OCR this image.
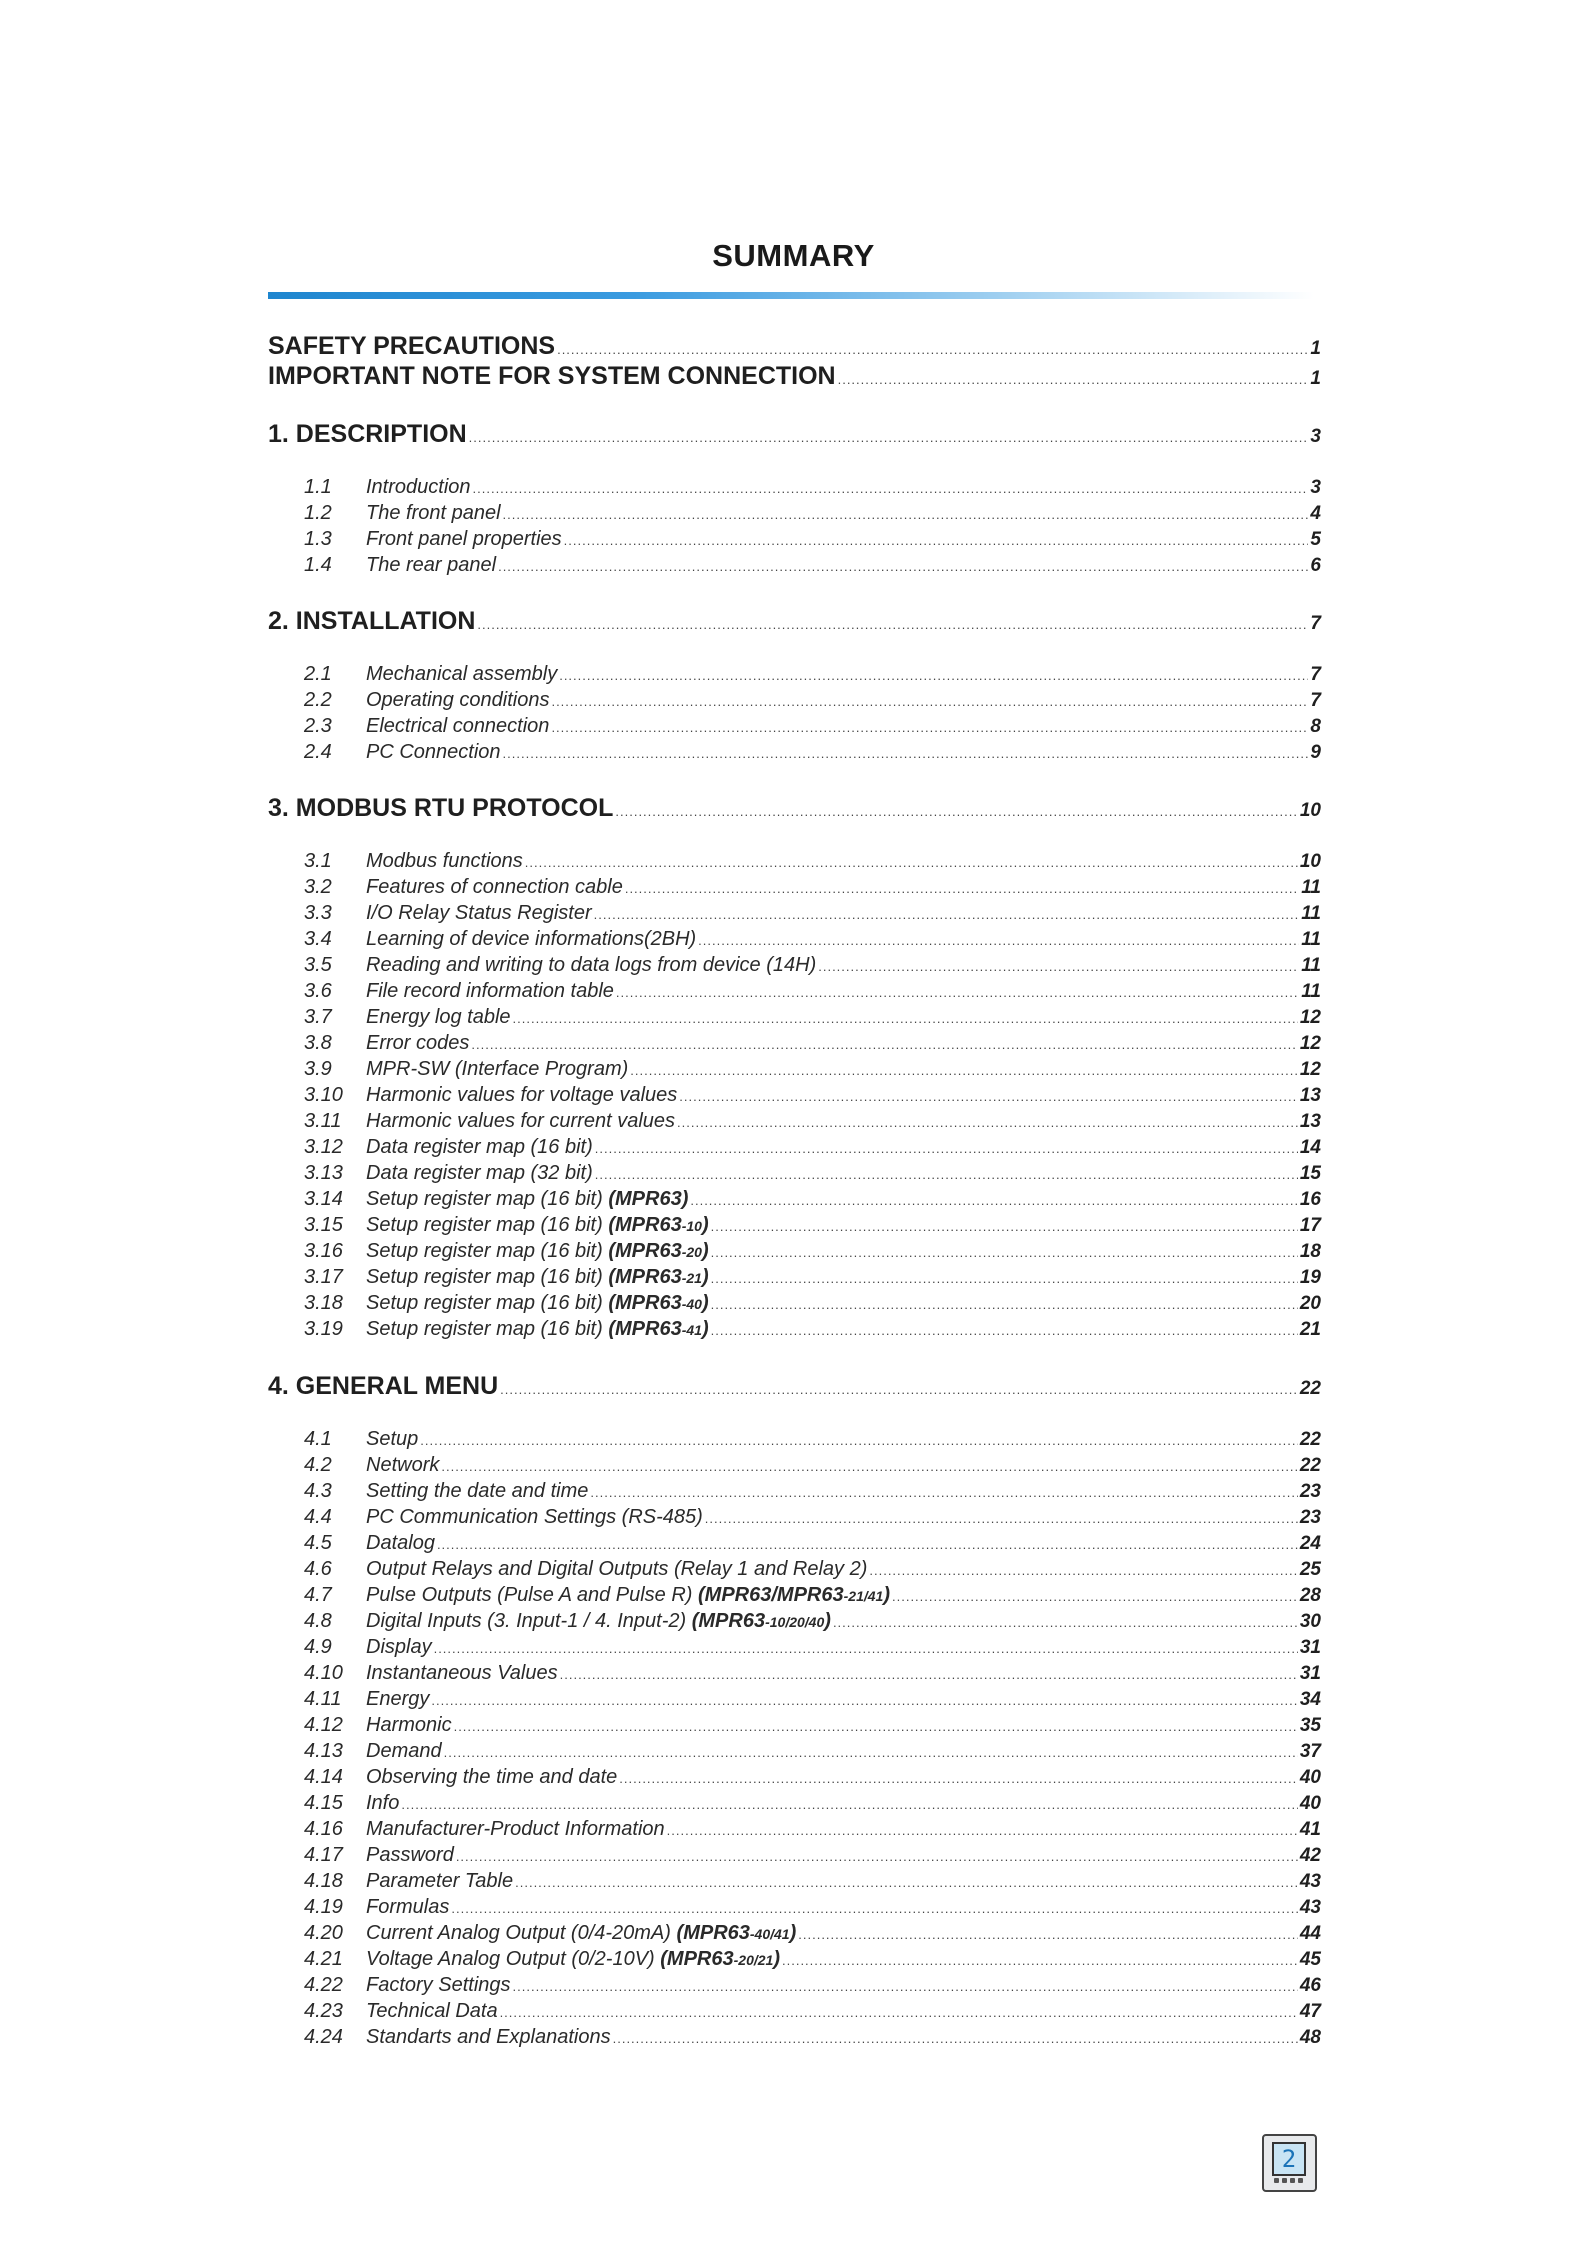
SUMMARY
SAFETY PRECAUTIONS .....	1
IMPORTANT NOTE FOR SYSTEM CONNECTION .....	1
1. DESCRIPTION .....	3
1.1	Introduction .....	3
1.2	The front panel .....	4
1.3	Front panel properties .....	5
1.4	The rear panel .....	6
2. INSTALLATION .....	7
2.1	Mechanical assembly .....	7
2.2	Operating conditions .....	7
2.3	Electrical connection .....	8
2.4	PC Connection .....	9
3. MODBUS RTU PROTOCOL .....	10
3.1	Modbus functions .....	10
3.2	Features of connection cable .....	11
3.3	I/O Relay Status Register .....	11
3.4	Learning of device informations(2BH) .....	11
3.5	Reading and writing to data logs from device (14H) .....	11
3.6	File record information table .....	11
3.7	Energy log table .....	12
3.8	Error codes .....	12
3.9	MPR-SW (Interface Program) .....	12
3.10	Harmonic values for voltage values .....	13
3.11	Harmonic values for current values .....	13
3.12	Data register map (16 bit) .....	14
3.13	Data register map (32 bit) .....	15
3.14	Setup register map (16 bit) (MPR63) .....	16
3.15	Setup register map (16 bit) (MPR63-10) .....	17
3.16	Setup register map (16 bit) (MPR63-20) .....	18
3.17	Setup register map (16 bit) (MPR63-21) .....	19
3.18	Setup register map (16 bit) (MPR63-40) .....	20
3.19	Setup register map (16 bit) (MPR63-41) .....	21
4. GENERAL MENU .....	22
4.1	Setup .....	22
4.2	Network .....	22
4.3	Setting the date and time .....	23
4.4	PC Communication Settings (RS-485) .....	23
4.5	Datalog .....	24
4.6	Output Relays and Digital Outputs (Relay 1 and Relay 2) .....	25
4.7	Pulse Outputs (Pulse A and Pulse R) (MPR63/MPR63-21/41) .....	28
4.8	Digital Inputs (3. Input-1 / 4. Input-2) (MPR63-10/20/40) .....	30
4.9	Display .....	31
4.10	Instantaneous Values .....	31
4.11	Energy .....	34
4.12	Harmonic .....	35
4.13	Demand .....	37
4.14	Observing the time and date .....	40
4.15	Info .....	40
4.16	Manufacturer-Product Information .....	41
4.17	Password .....	42
4.18	Parameter Table .....	43
4.19	Formulas .....	43
4.20	Current Analog Output (0/4-20mA) (MPR63-40/41) .....	44
4.21	Voltage Analog Output (0/2-10V) (MPR63-20/21) .....	45
4.22	Factory Settings .....	46
4.23	Technical Data .....	47
4.24	Standarts and Explanations .....	48
2
